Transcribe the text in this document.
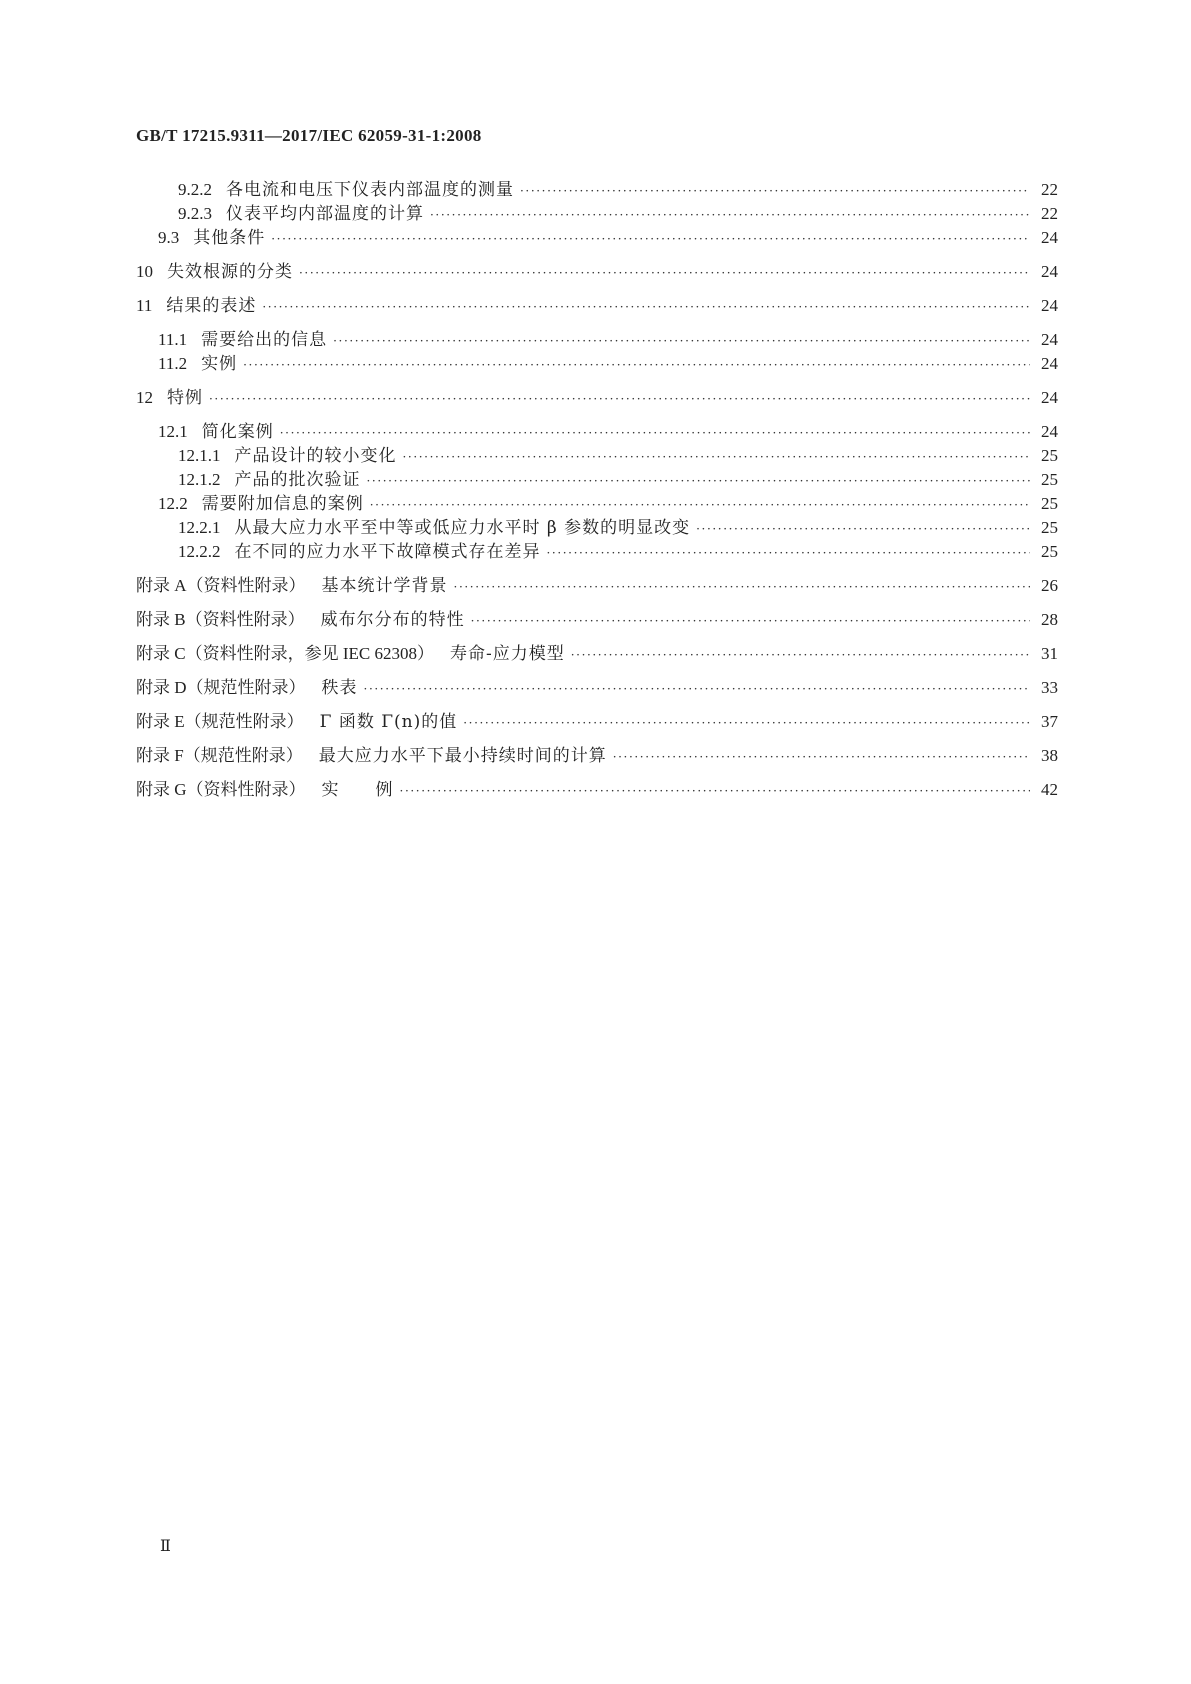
GB/T 17215.9311—2017/IEC 62059-31-1:2008
9.2.2 各电流和电压下仪表内部温度的测量 ·····	22
9.2.3 仪表平均内部温度的计算 ·····	22
9.3 其他条件 ·····	24
10 失效根源的分类 ·····	24
11 结果的表述 ·····	24
11.1 需要给出的信息 ·····	24
11.2 实例 ·····	24
12 特例 ·····	24
12.1 简化案例 ·····	24
12.1.1 产品设计的较小变化 ·····	25
12.1.2 产品的批次验证 ·····	25
12.2 需要附加信息的案例 ·····	25
12.2.1 从最大应力水平至中等或低应力水平时 β 参数的明显改变 ·····	25
12.2.2 在不同的应力水平下故障模式存在差异 ·····	25
附录 A（资料性附录） 基本统计学背景 ·····	26
附录 B（资料性附录） 威布尔分布的特性 ·····	28
附录 C（资料性附录，参见 IEC 62308） 寿命-应力模型 ·····	31
附录 D（规范性附录） 秩表 ·····	33
附录 E（规范性附录） Γ 函数 Γ(n)的值 ·····	37
附录 F（规范性附录） 最大应力水平下最小持续时间的计算 ·····	38
附录 G（资料性附录） 实　　例 ·····	42
Ⅱ
